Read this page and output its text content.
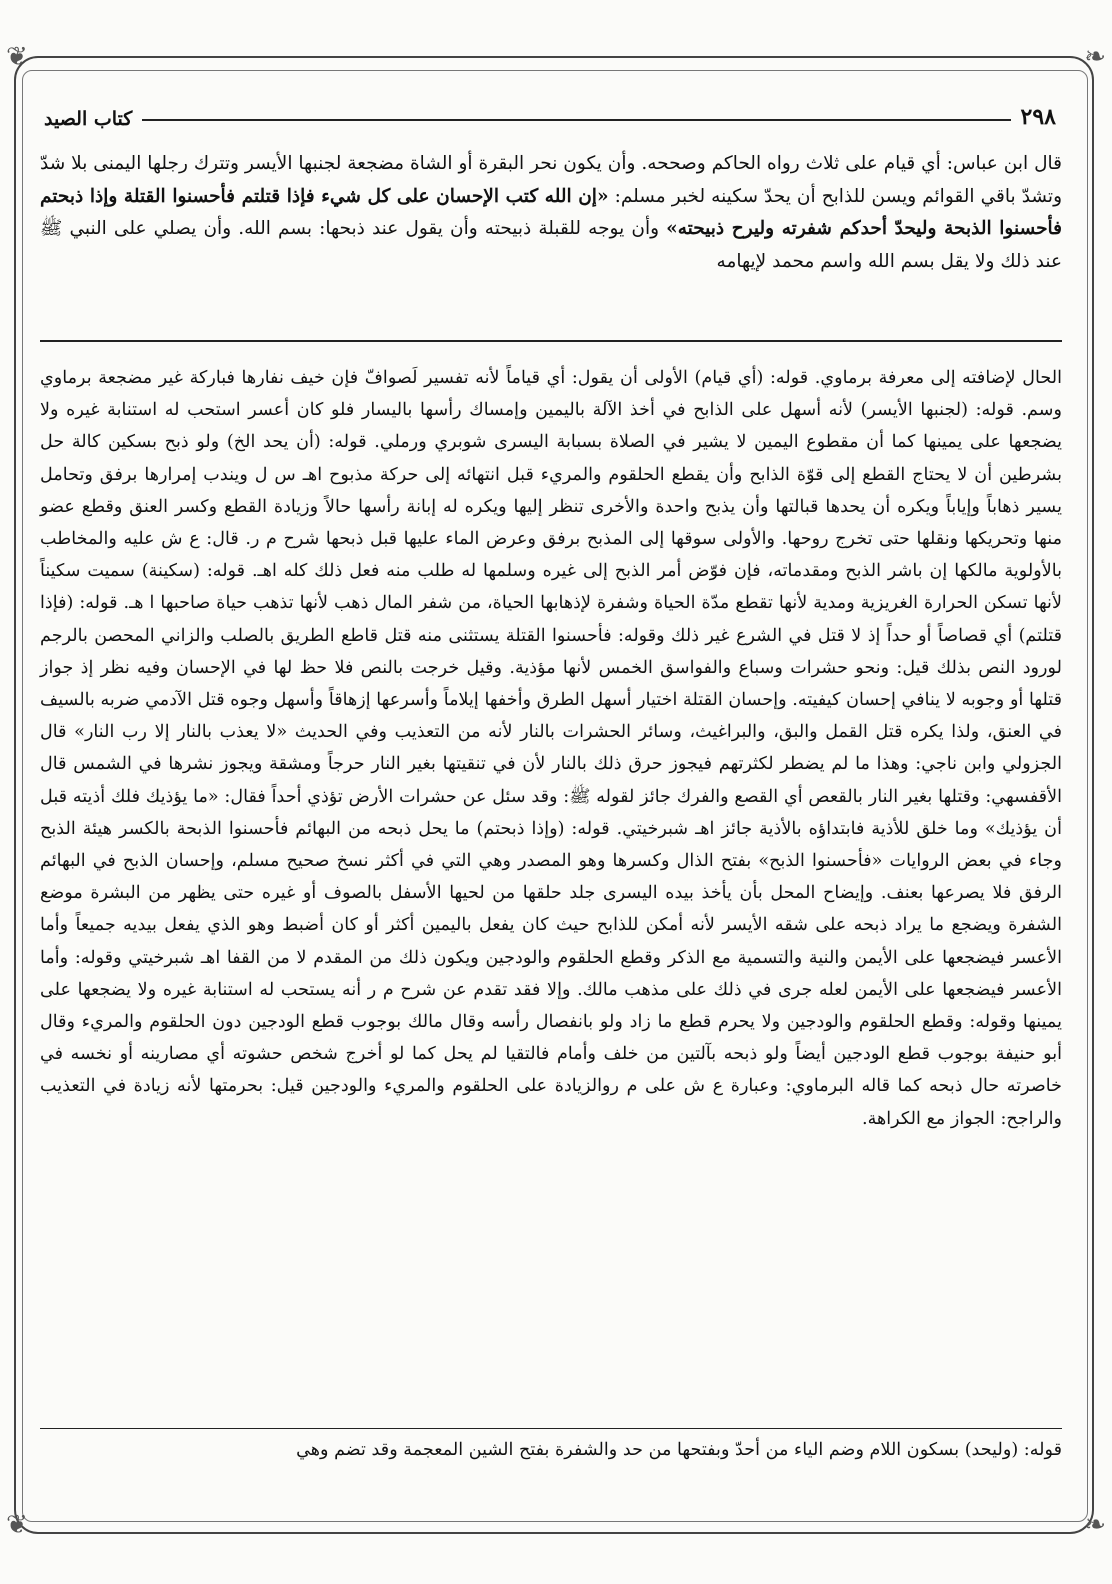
❦	❧
❦	❧
٢٩٨
كتاب الصيد

قال ابن عباس: أي قيام على ثلاث رواه الحاكم وصححه. وأن يكون نحر البقرة أو الشاة مضجعة لجنبها الأيسر وتترك رجلها اليمنى بلا شدّ وتشدّ باقي القوائم ويسن للذابح أن يحدّ سكينه لخبر مسلم: «إن الله كتب الإحسان على كل شيء فإذا قتلتم فأحسنوا القتلة وإذا ذبحتم فأحسنوا الذبحة وليحدّ أحدكم شفرته وليرح ذبيحته» وأن يوجه للقبلة ذبيحته وأن يقول عند ذبحها: بسم الله. وأن يصلي على النبي ﷺ عند ذلك ولا يقل بسم الله واسم محمد لإيهامه

الحال لإضافته إلى معرفة برماوي. قوله: (أي قيام) الأولى أن يقول: أي قياماً لأنه تفسير لَصوافّ فإن خيف نفارها فباركة غير مضجعة برماوي وسم. قوله: (لجنبها الأيسر) لأنه أسهل على الذابح في أخذ الآلة باليمين وإمساك رأسها باليسار فلو كان أعسر استحب له استنابة غيره ولا يضجعها على يمينها كما أن مقطوع اليمين لا يشير في الصلاة بسبابة اليسرى شوبري ورملي. قوله: (أن يحد الخ) ولو ذبح بسكين كالة حل بشرطين أن لا يحتاج القطع إلى قوّة الذابح وأن يقطع الحلقوم والمريء قبل انتهائه إلى حركة مذبوح اهـ س ل ويندب إمرارها برفق وتحامل يسير ذهاباً وإياباً ويكره أن يحدها قبالتها وأن يذبح واحدة والأخرى تنظر إليها ويكره له إبانة رأسها حالاً وزيادة القطع وكسر العنق وقطع عضو منها وتحريكها ونقلها حتى تخرج روحها. والأولى سوقها إلى المذبح برفق وعرض الماء عليها قبل ذبحها شرح م ر. قال: ع ش عليه والمخاطب بالأولوية مالكها إن باشر الذبح ومقدماته، فإن فوّض أمر الذبح إلى غيره وسلمها له طلب منه فعل ذلك كله اهـ. قوله: (سكينة) سميت سكيناً لأنها تسكن الحرارة الغريزية ومدية لأنها تقطع مدّة الحياة وشفرة لإذهابها الحياة، من شفر المال ذهب لأنها تذهب حياة صاحبها ا هـ. قوله: (فإذا قتلتم) أي قصاصاً أو حداً إذ لا قتل في الشرع غير ذلك وقوله: فأحسنوا القتلة يستثنى منه قتل قاطع الطريق بالصلب والزاني المحصن بالرجم لورود النص بذلك قيل: ونحو حشرات وسباع والفواسق الخمس لأنها مؤذية. وقيل خرجت بالنص فلا حظ لها في الإحسان وفيه نظر إذ جواز قتلها أو وجوبه لا ينافي إحسان كيفيته. وإحسان القتلة اختيار أسهل الطرق وأخفها إيلاماً وأسرعها إزهاقاً وأسهل وجوه قتل الآدمي ضربه بالسيف في العنق، ولذا يكره قتل القمل والبق، والبراغيث، وسائر الحشرات بالنار لأنه من التعذيب وفي الحديث «لا يعذب بالنار إلا رب النار» قال الجزولي وابن ناجي: وهذا ما لم يضطر لكثرتهم فيجوز حرق ذلك بالنار لأن في تنقيتها بغير النار حرجاً ومشقة ويجوز نشرها في الشمس قال الأقفسهي: وقتلها بغير النار بالقعص أي القصع والفرك جائز لقوله ﷺ: وقد سئل عن حشرات الأرض تؤذي أحداً فقال: «ما يؤذيك فلك أذيته قبل أن يؤذيك» وما خلق للأذية فابتداؤه بالأذية جائز اهـ شبرخيتي. قوله: (وإذا ذبحتم) ما يحل ذبحه من البهائم فأحسنوا الذبحة بالكسر هيئة الذبح وجاء في بعض الروايات «فأحسنوا الذبح» بفتح الذال وكسرها وهو المصدر وهي التي في أكثر نسخ صحيح مسلم، وإحسان الذبح في البهائم الرفق فلا يصرعها بعنف. وإيضاح المحل بأن يأخذ بيده اليسرى جلد حلقها من لحيها الأسفل بالصوف أو غيره حتى يظهر من البشرة موضع الشفرة ويضجع ما يراد ذبحه على شقه الأيسر لأنه أمكن للذابح حيث كان يفعل باليمين أكثر أو كان أضبط وهو الذي يفعل بيديه جميعاً وأما الأعسر فيضجعها على الأيمن والنية والتسمية مع الذكر وقطع الحلقوم والودجين ويكون ذلك من المقدم لا من القفا اهـ شبرخيتي وقوله: وأما الأعسر فيضجعها على الأيمن لعله جرى في ذلك على مذهب مالك. وإلا فقد تقدم عن شرح م ر أنه يستحب له استنابة غيره ولا يضجعها على يمينها وقوله: وقطع الحلقوم والودجين ولا يحرم قطع ما زاد ولو بانفصال رأسه وقال مالك بوجوب قطع الودجين دون الحلقوم والمريء وقال أبو حنيفة بوجوب قطع الودجين أيضاً ولو ذبحه بآلتين من خلف وأمام فالتقيا لم يحل كما لو أخرج شخص حشوته أي مصارينه أو نخسه في خاصرته حال ذبحه كما قاله البرماوي: وعبارة ع ش على م روالزيادة على الحلقوم والمريء والودجين قيل: بحرمتها لأنه زيادة في التعذيب والراجح: الجواز مع الكراهة.

قوله: (وليحد) بسكون اللام وضم الياء من أحدّ وبفتحها من حد والشفرة بفتح الشين المعجمة وقد تضم وهي
